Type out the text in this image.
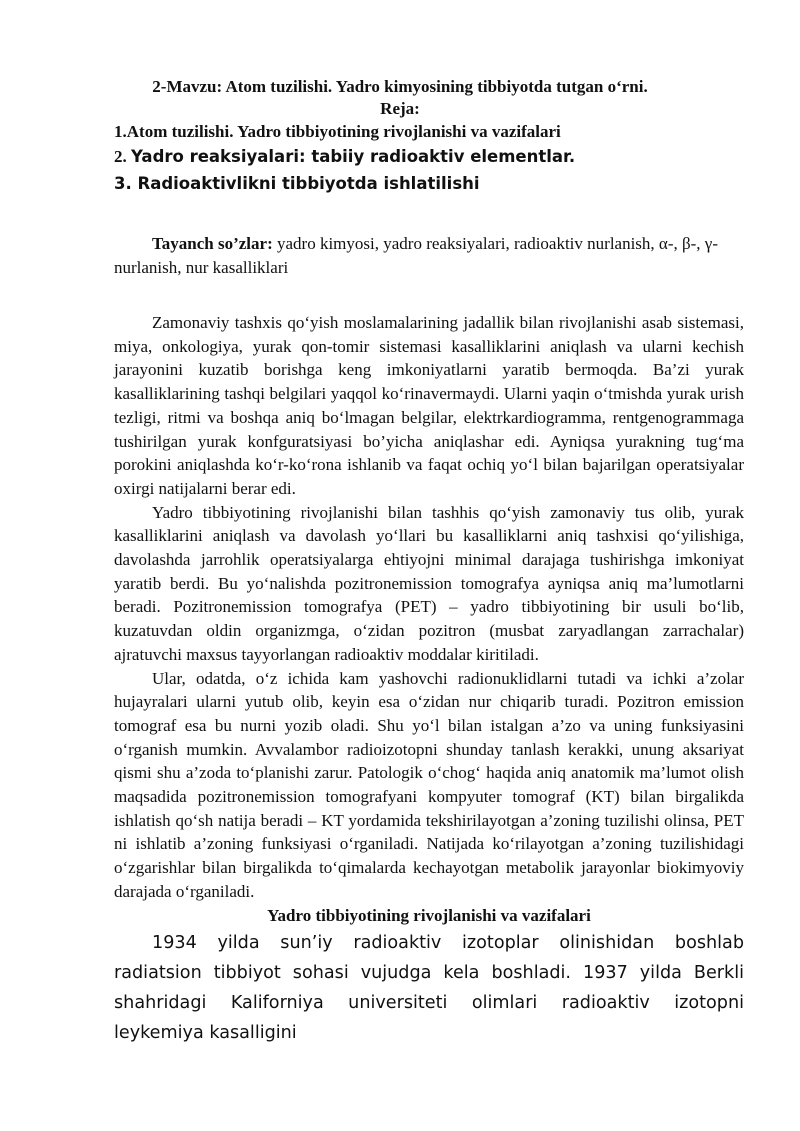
2-Mavzu: Atom tuzilishi. Yadro kimyosining tibbiyotda tutgan o‘rni.

Reja:

1.Atom tuzilishi. Yadro tibbiyotining rivojlanishi va vazifalari

2. Yadro reaksiyalari: tabiiy radioaktiv elementlar.

3. Radioaktivlikni tibbiyotda ishlatilishi

Tayanch so’zlar: yadro kimyosi, yadro reaksiyalari, radioaktiv nurlanish, α-, β-, γ- nurlanish, nur kasalliklari

Zamonaviy tashxis qo‘yish moslamalarining jadallik bilan rivojlanishi asab sistemasi, miya, onkologiya, yurak qon-tomir sistemasi kasalliklarini aniqlash va ularni kechish jarayonini kuzatib borishga keng imkoniyatlarni yaratib bermoqda. Ba’zi yurak kasalliklarining tashqi belgilari yaqqol ko‘rinavermaydi. Ularni yaqin o‘tmishda yurak urish tezligi, ritmi va boshqa aniq bo‘lmagan belgilar, elektrkardiogramma, rentgenogrammaga tushirilgan yurak konfguratsiyasi bo’yicha aniqlashar edi. Ayniqsa yurakning tug‘ma porokini aniqlashda ko‘r-ko‘rona ishlanib va faqat ochiq yo‘l bilan bajarilgan operatsiyalar oxirgi natijalarni berar edi.

Yadro tibbiyotining rivojlanishi bilan tashhis qo‘yish zamonaviy tus olib, yurak kasalliklarini aniqlash va davolash yo‘llari bu kasalliklarni aniq tashxisi qo‘yilishiga, davolashda jarrohlik operatsiyalarga ehtiyojni minimal darajaga tushirishga imkoniyat yaratib berdi. Bu yo‘nalishda pozitronemission tomografya ayniqsa aniq ma’lumotlarni beradi. Pozitronemission tomografya (PET) – yadro tibbiyotining bir usuli bo‘lib, kuzatuvdan oldin organizmga, o‘zidan pozitron (musbat zaryadlangan zarrachalar) ajratuvchi maxsus tayyorlangan radioaktiv moddalar kiritiladi.

Ular, odatda, o‘z ichida kam yashovchi radionuklidlarni tutadi va ichki a’zolar hujayralari ularni yutub olib, keyin esa o‘zidan nur chiqarib turadi. Pozitron emission tomograf esa bu nurni yozib oladi. Shu yo‘l bilan istalgan a’zo va uning funksiyasini o‘rganish mumkin. Avvalambor radioizotopni shunday tanlash kerakki, unung aksariyat qismi shu a’zoda to‘planishi zarur. Patologik o‘chog‘ haqida aniq anatomik ma’lumot olish maqsadida pozitronemission tomografyani kompyuter tomograf (KT) bilan birgalikda ishlatish qo‘sh natija beradi – KT yordamida tekshirilayotgan a’zoning tuzilishi olinsa, PET ni ishlatib a’zoning funksiyasi o‘rganiladi. Natijada ko‘rilayotgan a’zoning tuzilishidagi o‘zgarishlar bilan birgalikda to‘qimalarda kechayotgan metabolik jarayonlar biokimyoviy darajada o‘rganiladi.

Yadro tibbiyotining rivojlanishi va vazifalari

1934 yilda sun’iy radioaktiv izotoplar olinishidan boshlab radiatsion tibbiyot sohasi vujudga kela boshladi. 1937 yilda Berkli shahridagi Kaliforniya universiteti olimlari radioaktiv izotopni leykemiya kasalligini
